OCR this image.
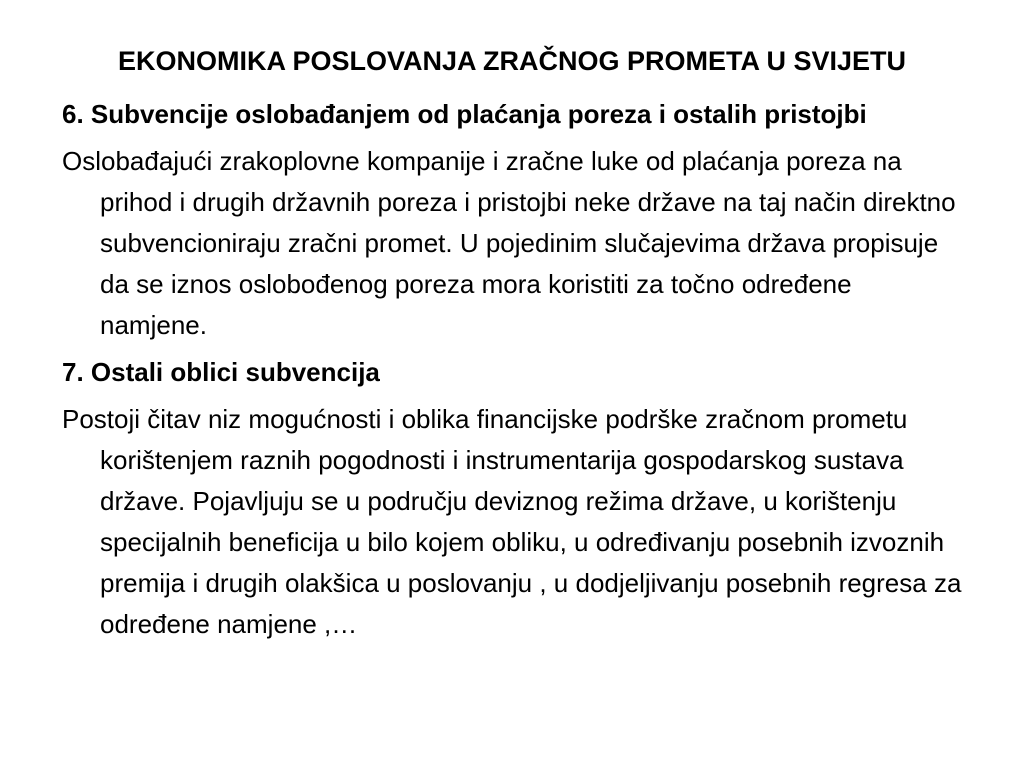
EKONOMIKA POSLOVANJA ZRAČNOG PROMETA U SVIJETU

6. Subvencije oslobađanjem od plaćanja poreza i ostalih pristojbi

Oslobađajući zrakoplovne kompanije i zračne luke od plaćanja poreza na prihod i drugih državnih poreza i pristojbi neke države na taj način direktno subvencioniraju zračni promet. U pojedinim slučajevima država propisuje da se iznos oslobođenog poreza mora koristiti za točno određene namjene.

7. Ostali oblici subvencija

Postoji čitav niz mogućnosti i oblika financijske podrške zračnom prometu korištenjem raznih pogodnosti i instrumentarija gospodarskog sustava države. Pojavljuju se u području deviznog režima države, u korištenju specijalnih beneficija u bilo kojem obliku, u određivanju posebnih izvoznih premija i drugih olakšica u poslovanju , u dodjeljivanju posebnih regresa za određene namjene ,…
